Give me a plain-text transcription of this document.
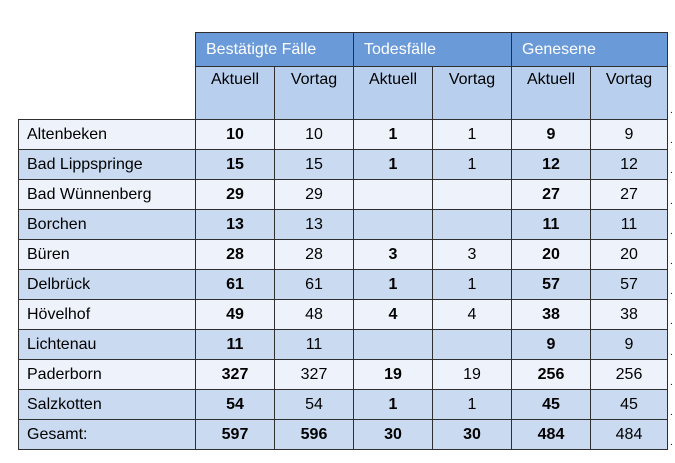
	Bestätigte Fälle		Todesfälle		Genesene	
	Aktuell	Vortag	Aktuell	Vortag	Aktuell	Vortag
Altenbeken	10	10	1	1	9	9
Bad Lippspringe	15	15	1	1	12	12
Bad Wünnenberg	29	29			27	27
Borchen	13	13			11	11
Büren	28	28	3	3	20	20
Delbrück	61	61	1	1	57	57
Hövelhof	49	48	4	4	38	38
Lichtenau	11	11			9	9
Paderborn	327	327	19	19	256	256
Salzkotten	54	54	1	1	45	45
Gesamt:	597	596	30	30	484	484
.
.
.
.
.
.
.
.
.
.
.
.
